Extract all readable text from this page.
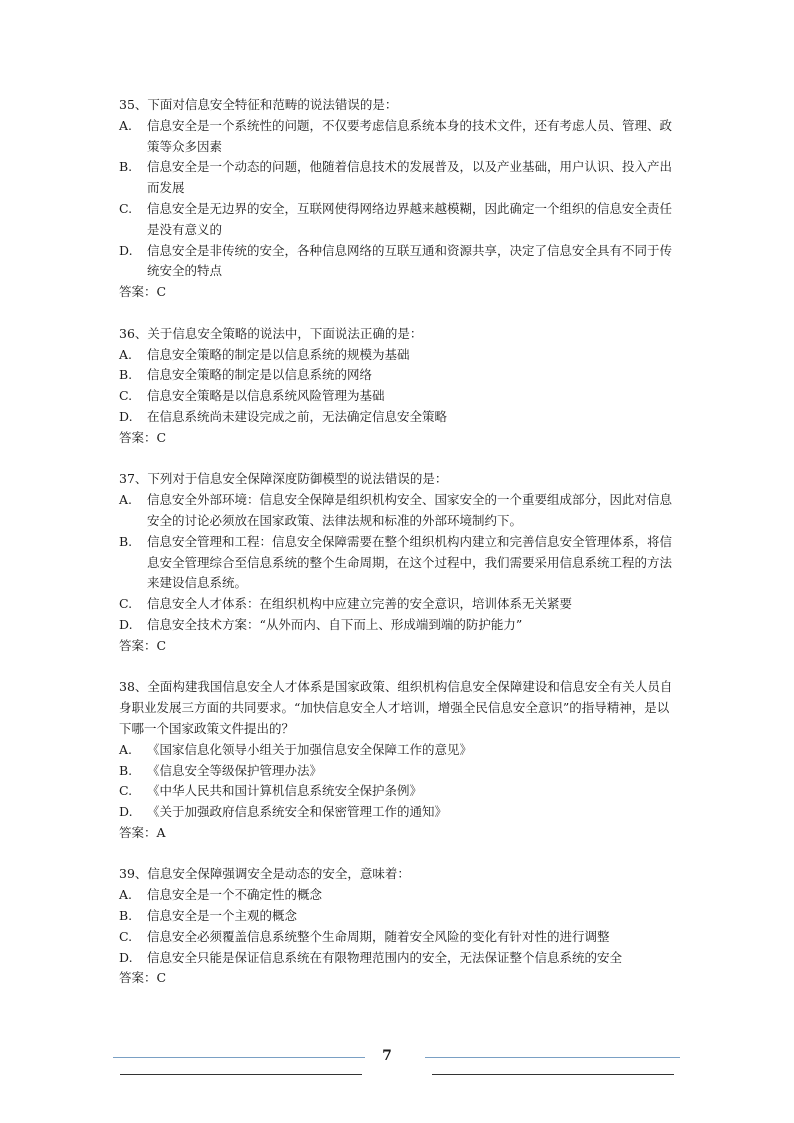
35、下面对信息安全特征和范畴的说法错误的是：

A.	信息安全是一个系统性的问题，不仅要考虑信息系统本身的技术文件，还有考虑人员、管理、政策等众多因素
B.	信息安全是一个动态的问题，他随着信息技术的发展普及，以及产业基础，用户认识、投入产出而发展
C.	信息安全是无边界的安全，互联网使得网络边界越来越模糊，因此确定一个组织的信息安全责任是没有意义的
D.	信息安全是非传统的安全，各种信息网络的互联互通和资源共享，决定了信息安全具有不同于传统安全的特点

答案：C

36、关于信息安全策略的说法中，下面说法正确的是：

A.	信息安全策略的制定是以信息系统的规模为基础
B.	信息安全策略的制定是以信息系统的网络
C.	信息安全策略是以信息系统风险管理为基础
D.	在信息系统尚未建设完成之前，无法确定信息安全策略

答案：C

37、下列对于信息安全保障深度防御模型的说法错误的是：

A.	信息安全外部环境：信息安全保障是组织机构安全、国家安全的一个重要组成部分，因此对信息安全的讨论必须放在国家政策、法律法规和标准的外部环境制约下。
B.	信息安全管理和工程：信息安全保障需要在整个组织机构内建立和完善信息安全管理体系，将信息安全管理综合至信息系统的整个生命周期，在这个过程中，我们需要采用信息系统工程的方法来建设信息系统。
C.	信息安全人才体系：在组织机构中应建立完善的安全意识，培训体系无关紧要
D.	信息安全技术方案：“从外而内、自下而上、形成端到端的防护能力”

答案：C

38、全面构建我国信息安全人才体系是国家政策、组织机构信息安全保障建设和信息安全有关人员自身职业发展三方面的共同要求。“加快信息安全人才培训，增强全民信息安全意识”的指导精神，是以下哪一个国家政策文件提出的？

A.	《国家信息化领导小组关于加强信息安全保障工作的意见》
B.	《信息安全等级保护管理办法》
C.	《中华人民共和国计算机信息系统安全保护条例》
D.	《关于加强政府信息系统安全和保密管理工作的通知》

答案：A

39、信息安全保障强调安全是动态的安全，意味着：

A.	信息安全是一个不确定性的概念
B.	信息安全是一个主观的概念
C.	信息安全必须覆盖信息系统整个生命周期，随着安全风险的变化有针对性的进行调整
D.	信息安全只能是保证信息系统在有限物理范围内的安全，无法保证整个信息系统的安全

答案：C

7
